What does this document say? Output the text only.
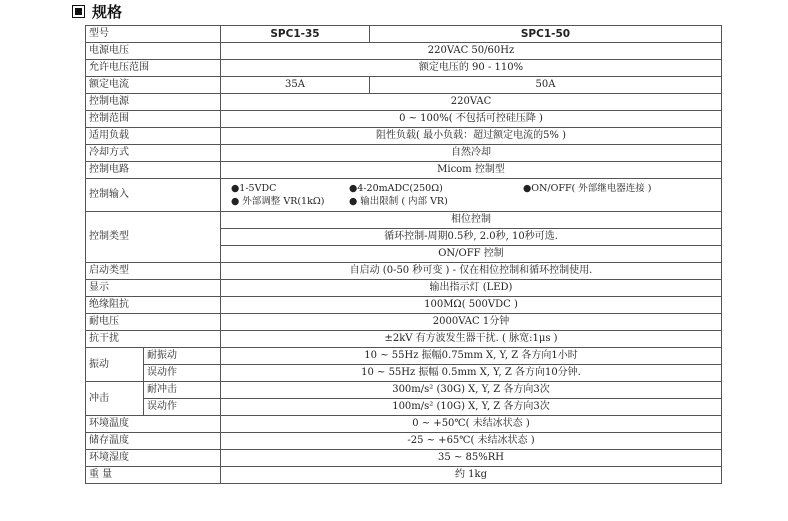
规格
型号		SPC1-35	SPC1-50
电源电压		220VAC 50/60Hz	
允许电压范围		额定电压的 90 - 110%	
额定电流		35A	50A
控制电源		220VAC	
控制范围		0 ~ 100%( 不包括可控硅压降 )	
适用负载		阻性负载( 最小负载：超过额定电流的5% )	
冷却方式		自然冷却	
控制电路		Micom 控制型	
控制输入		●1-5VDC ●4-20mADC(250Ω) ●ON/OFF( 外部继电器连接 )
● 外部调整 VR(1kΩ) ● 输出限制 ( 内部 VR)	

控制类型		相位控制	
		循环控制-周期0.5秒, 2.0秒, 10秒可选.	
		ON/OFF 控制	
启动类型		自启动 (0-50 秒可变 ) - 仅在相位控制和循环控制使用.	
显示		输出指示灯 (LED)	
绝缘阻抗		100MΩ( 500VDC )	
耐电压		2000VAC 1分钟	
抗干扰		±2kV 有方波发生器干扰. ( 脉宽:1μs )	
振动	耐振动	10 ~ 55Hz 振幅0.75mm X, Y, Z 各方向1小时	
	误动作	10 ~ 55Hz 振幅 0.5mm X, Y, Z 各方向10分钟.	
冲击	耐冲击	300m/s² (30G) X, Y, Z 各方向3次	
	误动作	100m/s² (10G) X, Y, Z 各方向3次	
环境温度		0 ~ +50℃( 未结冰状态 )	
储存温度		-25 ~ +65℃( 未结冰状态 )	
环境湿度		35 ~ 85%RH	
重 量		约 1kg	
